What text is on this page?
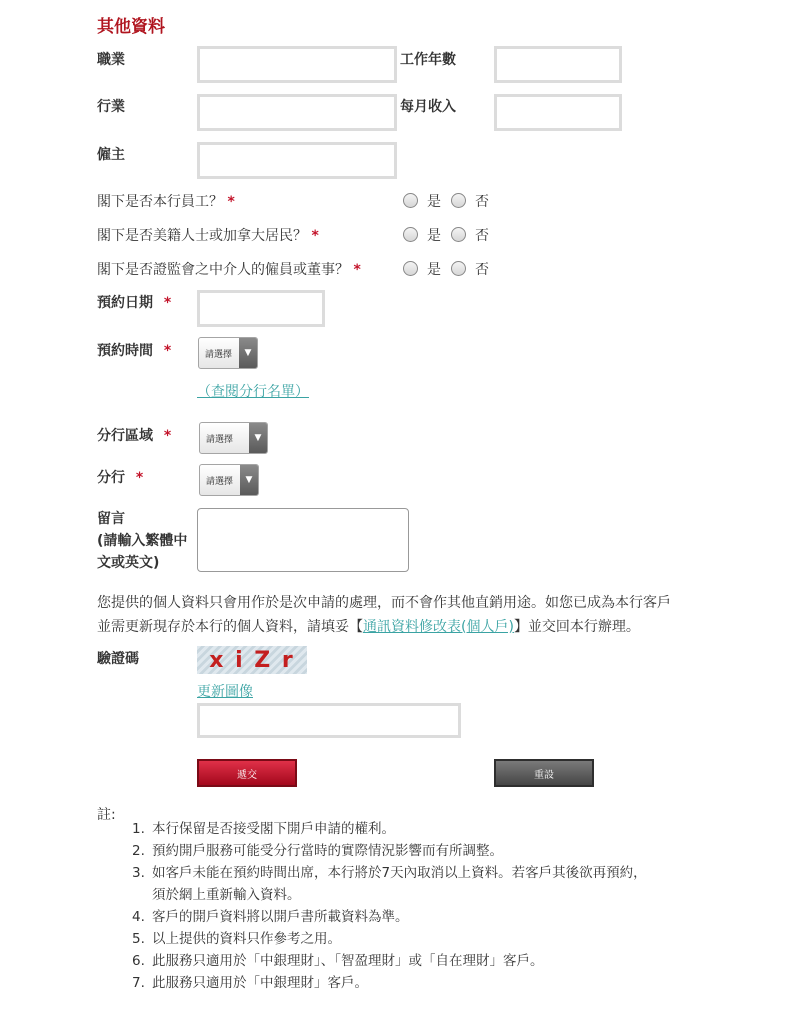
其他資料
職業	工作年數
行業	每月收入
僱主
閣下是否本行員工？ *	是 否
閣下是否美籍人士或加拿大居民？ *	是 否
閣下是否證監會之中介人的僱員或董事？ *	是 否
預約日期 *
預約時間 *	請選擇	▼
（查閱分行名單）
分行區域 *	請選擇	▼
分行 *	請選擇	▼
留言
(請輸入繁體中
文或英文)
您提供的個人資料只會用作於是次申請的處理，而不會作其他直銷用途。如您已成為本行客戶
並需更新現存於本行的個人資料，請填妥【通訊資料修改表(個人戶)】並交回本行辦理。
驗證碼	x i Z r
更新圖像
遞交	重設
註:
1. 本行保留是否接受閣下開戶申請的權利。
2. 預約開戶服務可能受分行當時的實際情況影響而有所調整。
3. 如客戶未能在預約時間出席，本行將於7天內取消以上資料。若客戶其後欲再預約，
須於網上重新輸入資料。
4. 客戶的開戶資料將以開戶書所載資料為準。
5. 以上提供的資料只作參考之用。
6. 此服務只適用於「中銀理財」、「智盈理財」或「自在理財」客戶。
7. 此服務只適用於「中銀理財」客戶。
